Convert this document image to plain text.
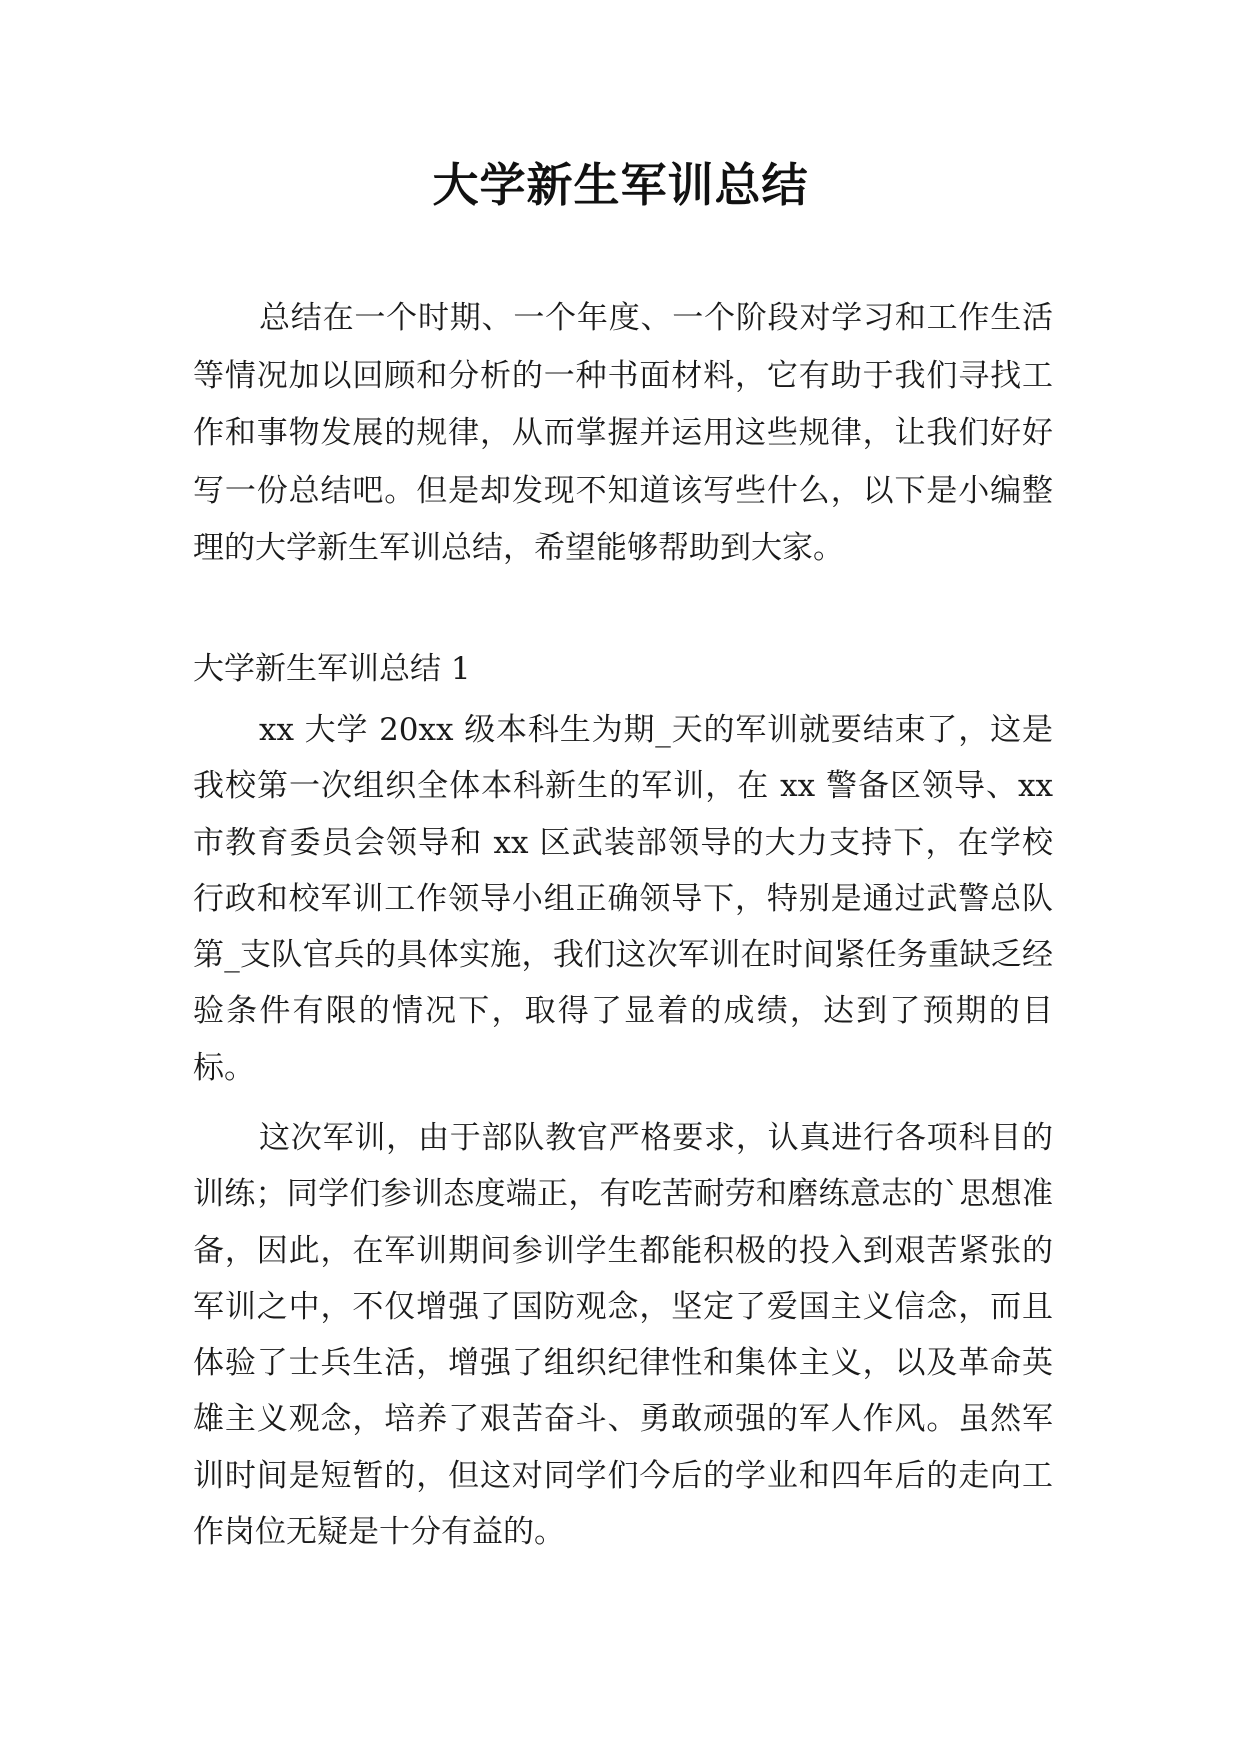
大学新生军训总结

总结在一个时期、一个年度、一个阶段对学习和工作生活等情况加以回顾和分析的一种书面材料，它有助于我们寻找工作和事物发展的规律，从而掌握并运用这些规律，让我们好好写一份总结吧。但是却发现不知道该写些什么，以下是小编整理的大学新生军训总结，希望能够帮助到大家。

大学新生军训总结 1

xx 大学 20xx 级本科生为期_天的军训就要结束了，这是我校第一次组织全体本科新生的军训，在 xx 警备区领导、xx 市教育委员会领导和 xx 区武装部领导的大力支持下，在学校行政和校军训工作领导小组正确领导下，特别是通过武警总队第_支队官兵的具体实施，我们这次军训在时间紧任务重缺乏经验条件有限的情况下，取得了显着的成绩，达到了预期的目标。

这次军训，由于部队教官严格要求，认真进行各项科目的训练；同学们参训态度端正，有吃苦耐劳和磨练意志的`思想准备，因此，在军训期间参训学生都能积极的投入到艰苦紧张的军训之中，不仅增强了国防观念，坚定了爱国主义信念，而且体验了士兵生活，增强了组织纪律性和集体主义，以及革命英雄主义观念，培养了艰苦奋斗、勇敢顽强的军人作风。虽然军训时间是短暂的，但这对同学们今后的学业和四年后的走向工作岗位无疑是十分有益的。
